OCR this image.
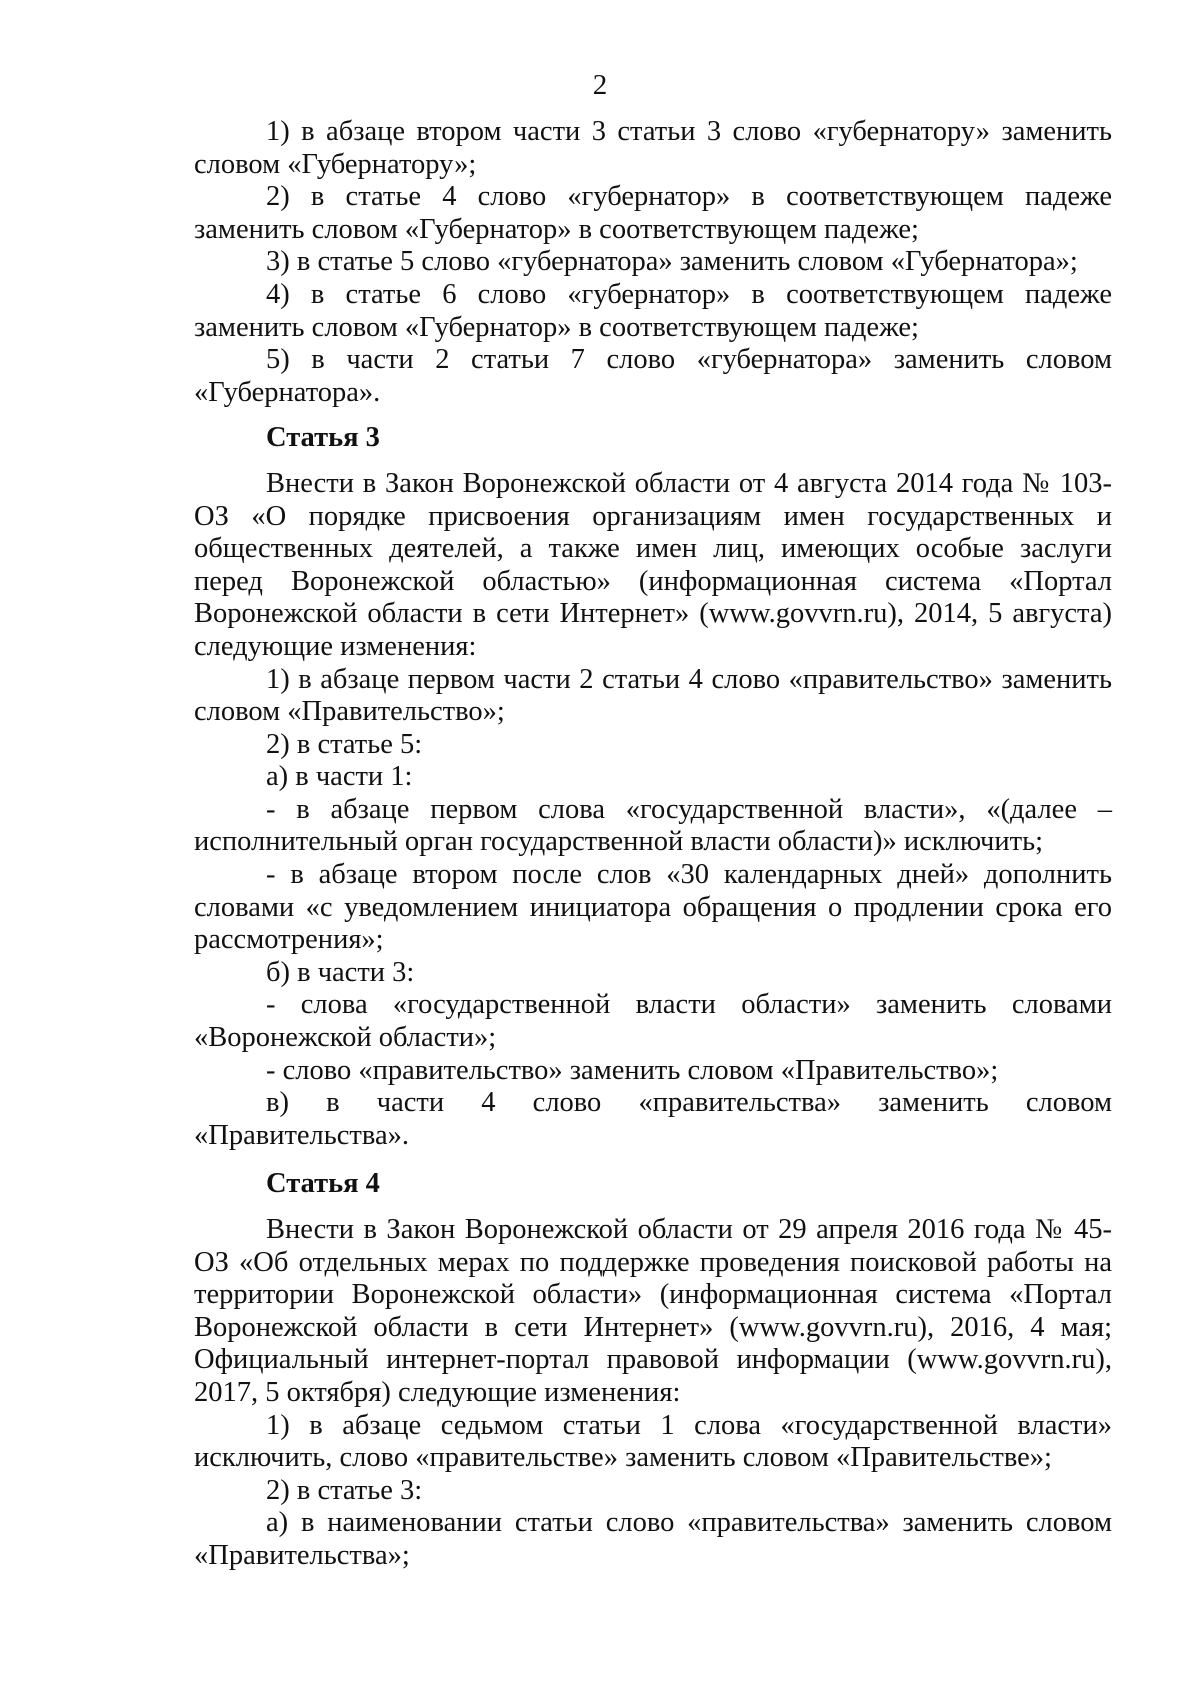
2

1) в абзаце втором части 3 статьи 3 слово «губернатору» заменить словом «Губернатору»;

2) в статье 4 слово «губернатор» в соответствующем падеже заменить словом «Губернатор» в соответствующем падеже;

3) в статье 5 слово «губернатора» заменить словом «Губернатора»;

4) в статье 6 слово «губернатор» в соответствующем падеже заменить словом «Губернатор» в соответствующем падеже;

5) в части 2 статьи 7 слово «губернатора» заменить словом «Губернатора».

Статья 3

Внести в Закон Воронежской области от 4 августа 2014 года № 103-ОЗ «О порядке присвоения организациям имен государственных и общественных деятелей, а также имен лиц, имеющих особые заслуги перед Воронежской областью» (информационная система «Портал Воронежской области в сети Интернет» (www.govvrn.ru), 2014, 5 августа) следующие изменения:

1) в абзаце первом части 2 статьи 4 слово «правительство» заменить словом «Правительство»;

2) в статье 5:

а) в части 1:

- в абзаце первом слова «государственной власти», «(далее – исполнительный орган государственной власти области)» исключить;

- в абзаце втором после слов «30 календарных дней» дополнить словами «с уведомлением инициатора обращения о продлении срока его рассмотрения»;

б) в части 3:

- слова «государственной власти области» заменить словами «Воронежской области»;

- слово «правительство» заменить словом «Правительство»;

в) в части 4 слово «правительства» заменить словом «Правительства».

Статья 4

Внести в Закон Воронежской области от 29 апреля 2016 года № 45-ОЗ «Об отдельных мерах по поддержке проведения поисковой работы на территории Воронежской области» (информационная система «Портал Воронежской области в сети Интернет» (www.govvrn.ru), 2016, 4 мая; Официальный интернет-портал правовой информации (www.govvrn.ru), 2017, 5 октября) следующие изменения:

1) в абзаце седьмом статьи 1 слова «государственной власти» исключить, слово «правительстве» заменить словом «Правительстве»;

2) в статье 3:

а) в наименовании статьи слово «правительства» заменить словом «Правительства»;
